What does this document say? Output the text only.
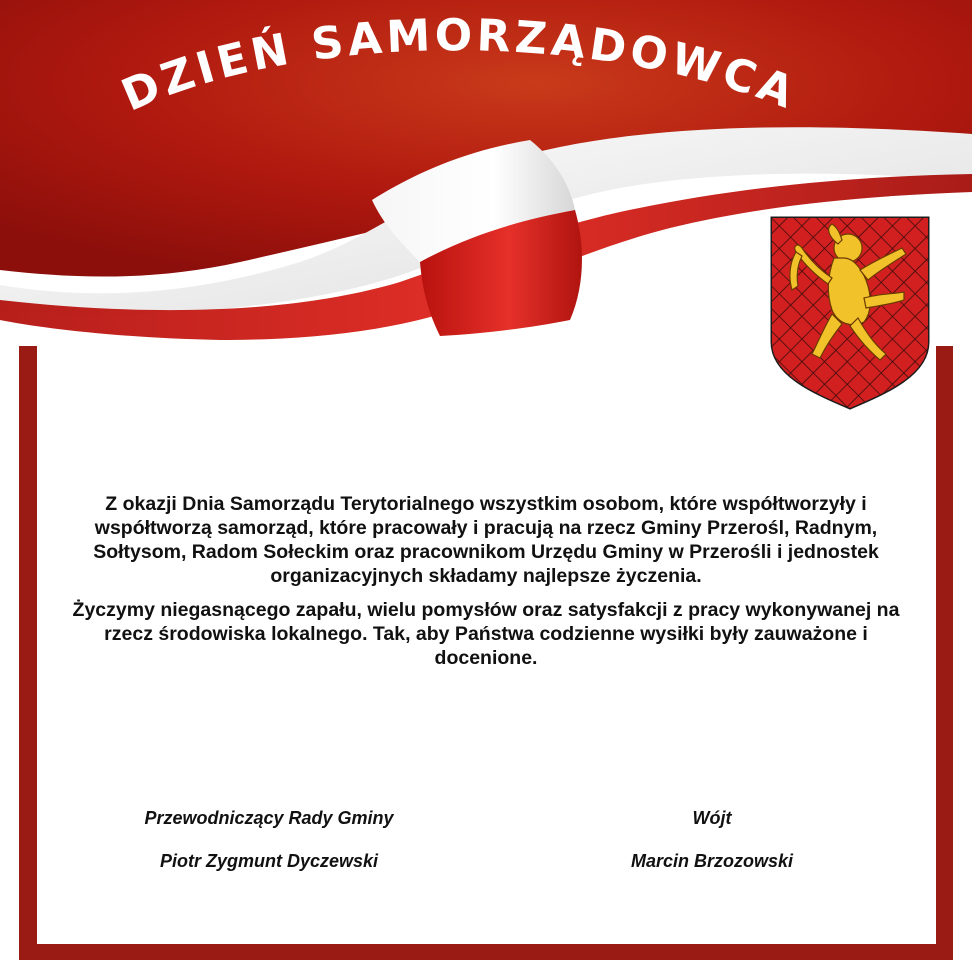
DZIEŃ SAMORZĄDOWCA

Z okazji Dnia Samorządu Terytorialnego wszystkim osobom, które współtworzyły i współtworzą samorząd, które pracowały i pracują na rzecz Gminy Przerośl, Radnym, Sołtysom, Radom Sołeckim oraz pracownikom Urzędu Gminy w Przerośli i jednostek organizacyjnych składamy najlepsze życzenia.

Życzymy niegasnącego zapału, wielu pomysłów oraz satysfakcji z pracy wykonywanej na rzecz środowiska lokalnego. Tak, aby Państwa codzienne wysiłki były zauważone i docenione.

Przewodniczący Rady Gminy
Piotr Zygmunt Dyczewski
Wójt
Marcin Brzozowski
